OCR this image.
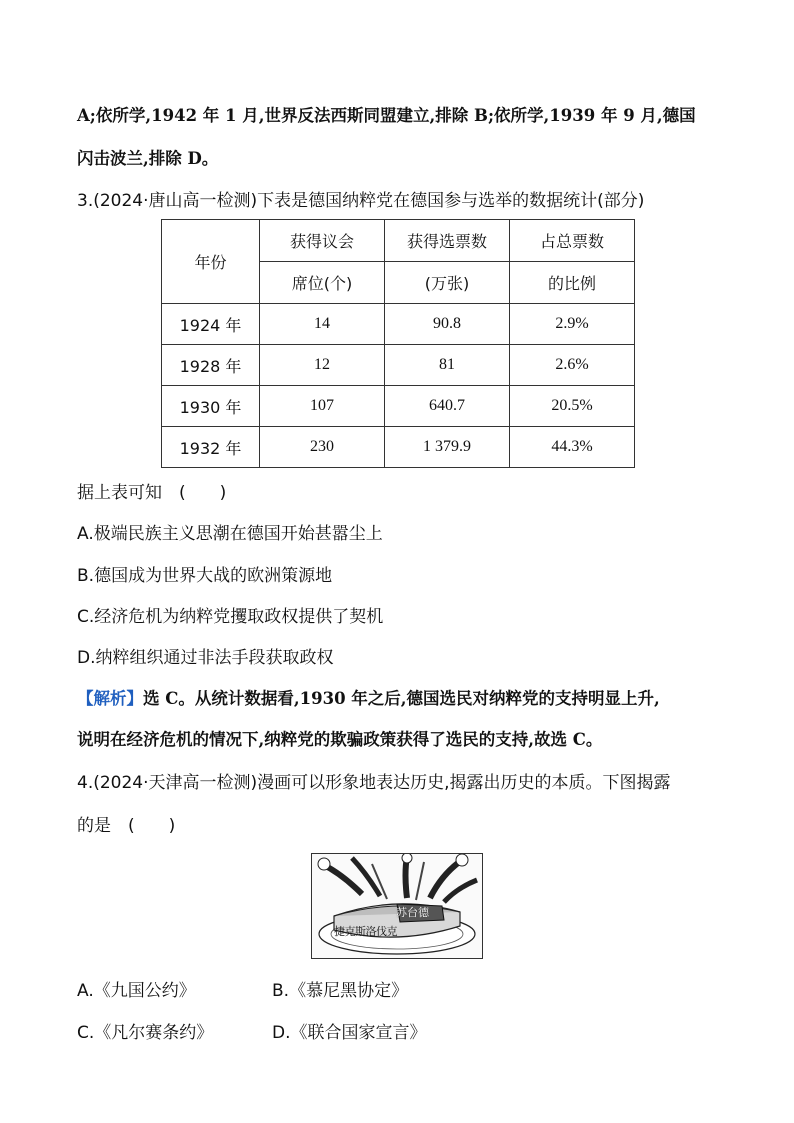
A;依所学,1942 年 1 月,世界反法西斯同盟建立,排除 B;依所学,1939 年 9 月,德国
闪击波兰,排除 D。
3.(2024·唐山高一检测)下表是德国纳粹党在德国参与选举的数据统计(部分)
年份	获得议会	获得选票数	占总票数
	席位(个)	(万张)	的比例
1924 年	14	90.8	2.9%
1928 年	12	81	2.6%
1930 年	107	640.7	20.5%
1932 年	230	1 379.9	44.3%
据上表可知　(　　)
A.极端民族主义思潮在德国开始甚嚣尘上
B.德国成为世界大战的欧洲策源地
C.经济危机为纳粹党攫取政权提供了契机
D.纳粹组织通过非法手段获取政权
【解析】选 C。从统计数据看,1930 年之后,德国选民对纳粹党的支持明显上升,
说明在经济危机的情况下,纳粹党的欺骗政策获得了选民的支持,故选 C。
4.(2024·天津高一检测)漫画可以形象地表达历史,揭露出历史的本质。下图揭露
的是　(　　)
苏台德
捷克斯洛伐克
A.《九国公约》	B.《慕尼黑协定》
C.《凡尔赛条约》	D.《联合国家宣言》
